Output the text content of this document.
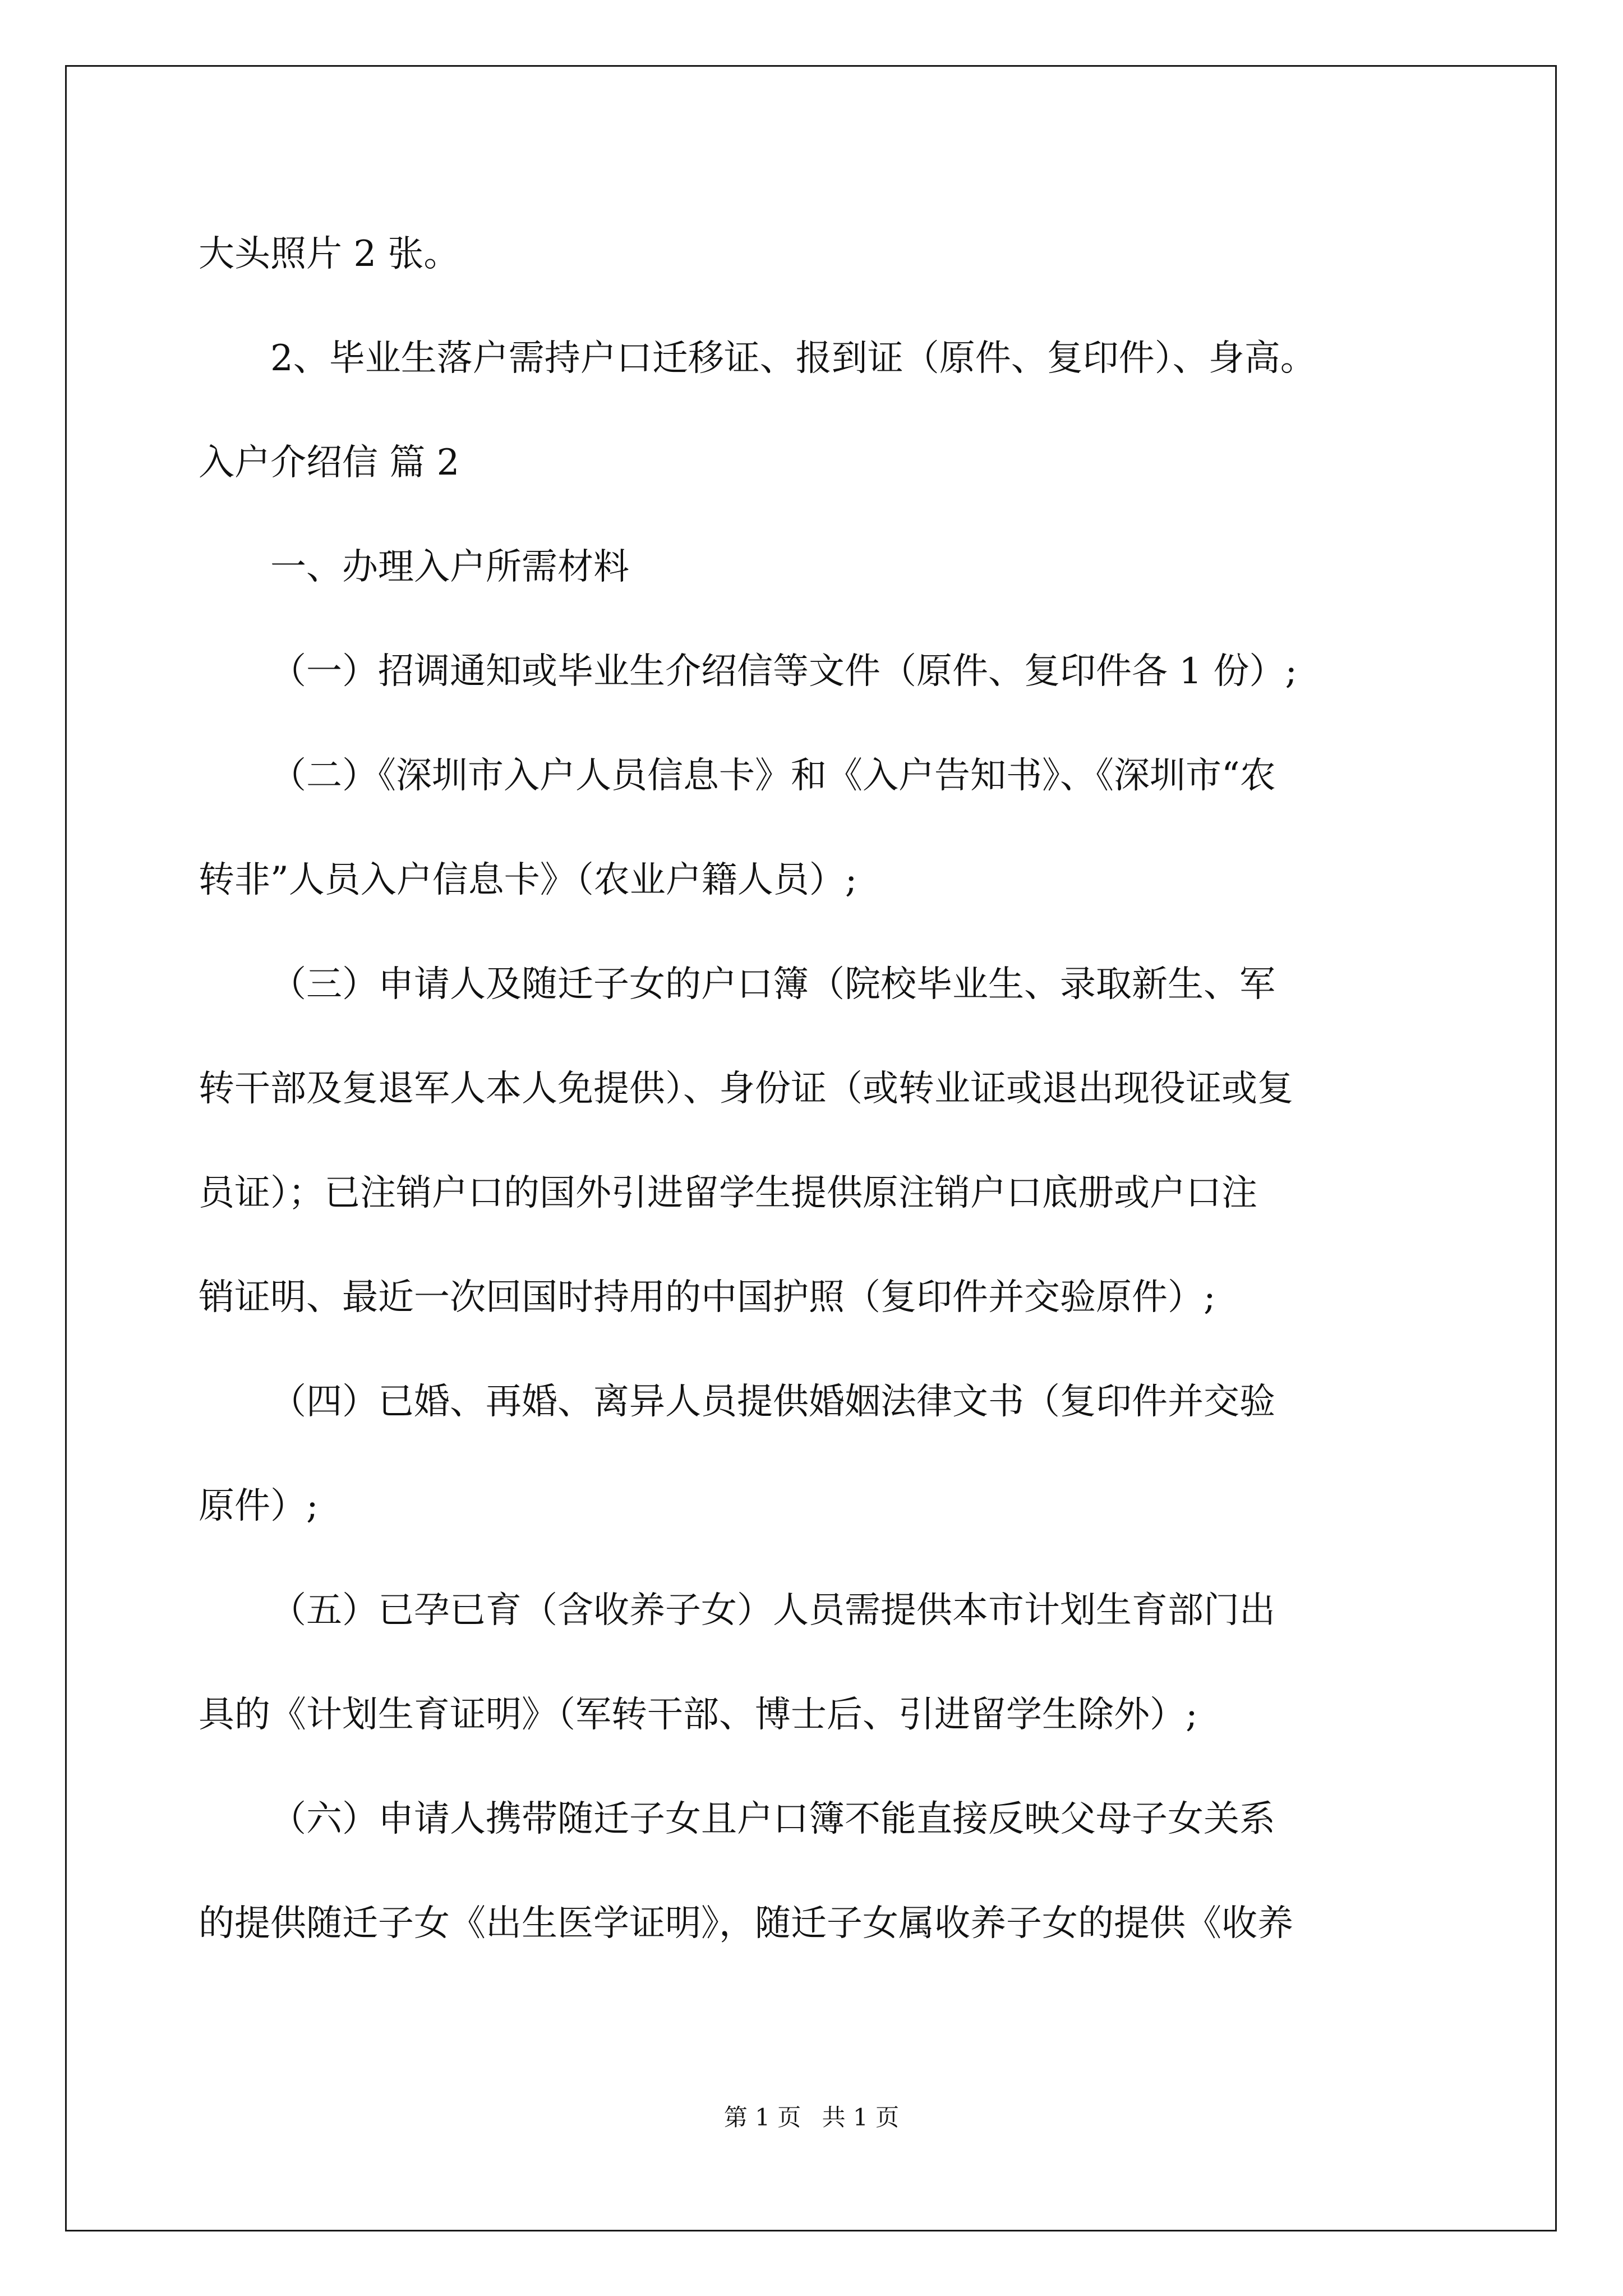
大头照片 2 张。

2、毕业生落户需持户口迁移证、报到证（原件、复印件）、身高。

入户介绍信 篇 2

一、办理入户所需材料

（一）招调通知或毕业生介绍信等文件（原件、复印件各 1 份）;

（二）《深圳市入户人员信息卡》和《入户告知书》、《深圳市“农

转非”人员入户信息卡》（农业户籍人员）;

（三）申请人及随迁子女的户口簿（院校毕业生、录取新生、军

转干部及复退军人本人免提供）、身份证（或转业证或退出现役证或复

员证）；已注销户口的国外引进留学生提供原注销户口底册或户口注

销证明、最近一次回国时持用的中国护照（复印件并交验原件）;

（四）已婚、再婚、离异人员提供婚姻法律文书（复印件并交验

原件）;

（五）已孕已育（含收养子女）人员需提供本市计划生育部门出

具的《计划生育证明》（军转干部、博士后、引进留学生除外）;

（六）申请人携带随迁子女且户口簿不能直接反映父母子女关系

的提供随迁子女《出生医学证明》，随迁子女属收养子女的提供《收养

第 1 页 共 1 页
